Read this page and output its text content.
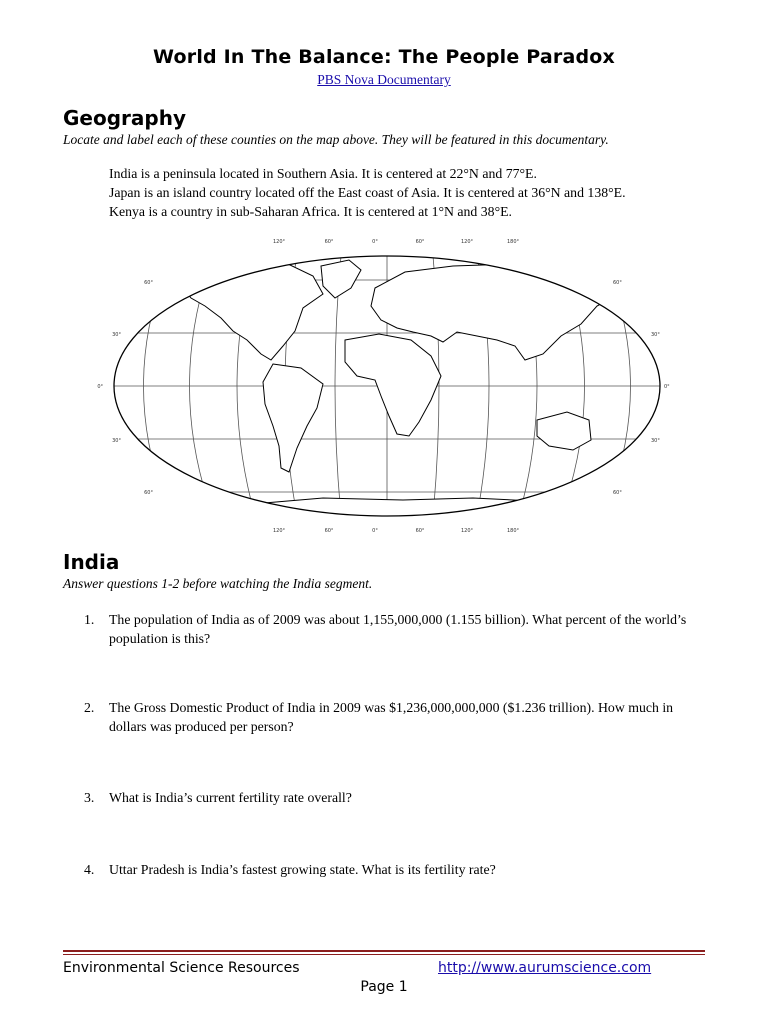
World In The Balance: The People Paradox
PBS Nova Documentary
Geography
Locate and label each of these counties on the map above. They will be featured in this documentary.
India is a peninsula located in Southern Asia. It is centered at 22°N and 77°E.
Japan is an island country located off the East coast of Asia. It is centered at 36°N and 138°E.
Kenya is a country in sub-Saharan Africa. It is centered at 1°N and 38°E.
120°	60°	0°	60°	120°	180°
120°	60°	0°	60°	120°	180°
60°
30°
0°
30°
60°
60°
30°
0°
30°
60°
India
Answer questions 1-2 before watching the India segment.
1. The population of India as of 2009 was about 1,155,000,000 (1.155 billion). What percent of the world’s population is this?
2. The Gross Domestic Product of India in 2009 was $1,236,000,000,000 ($1.236 trillion). How much in dollars was produced per person?
3. What is India’s current fertility rate overall?
4. Uttar Pradesh is India’s fastest growing state. What is its fertility rate?
Environmental Science Resources	http://www.aurumscience.com
Page 1
